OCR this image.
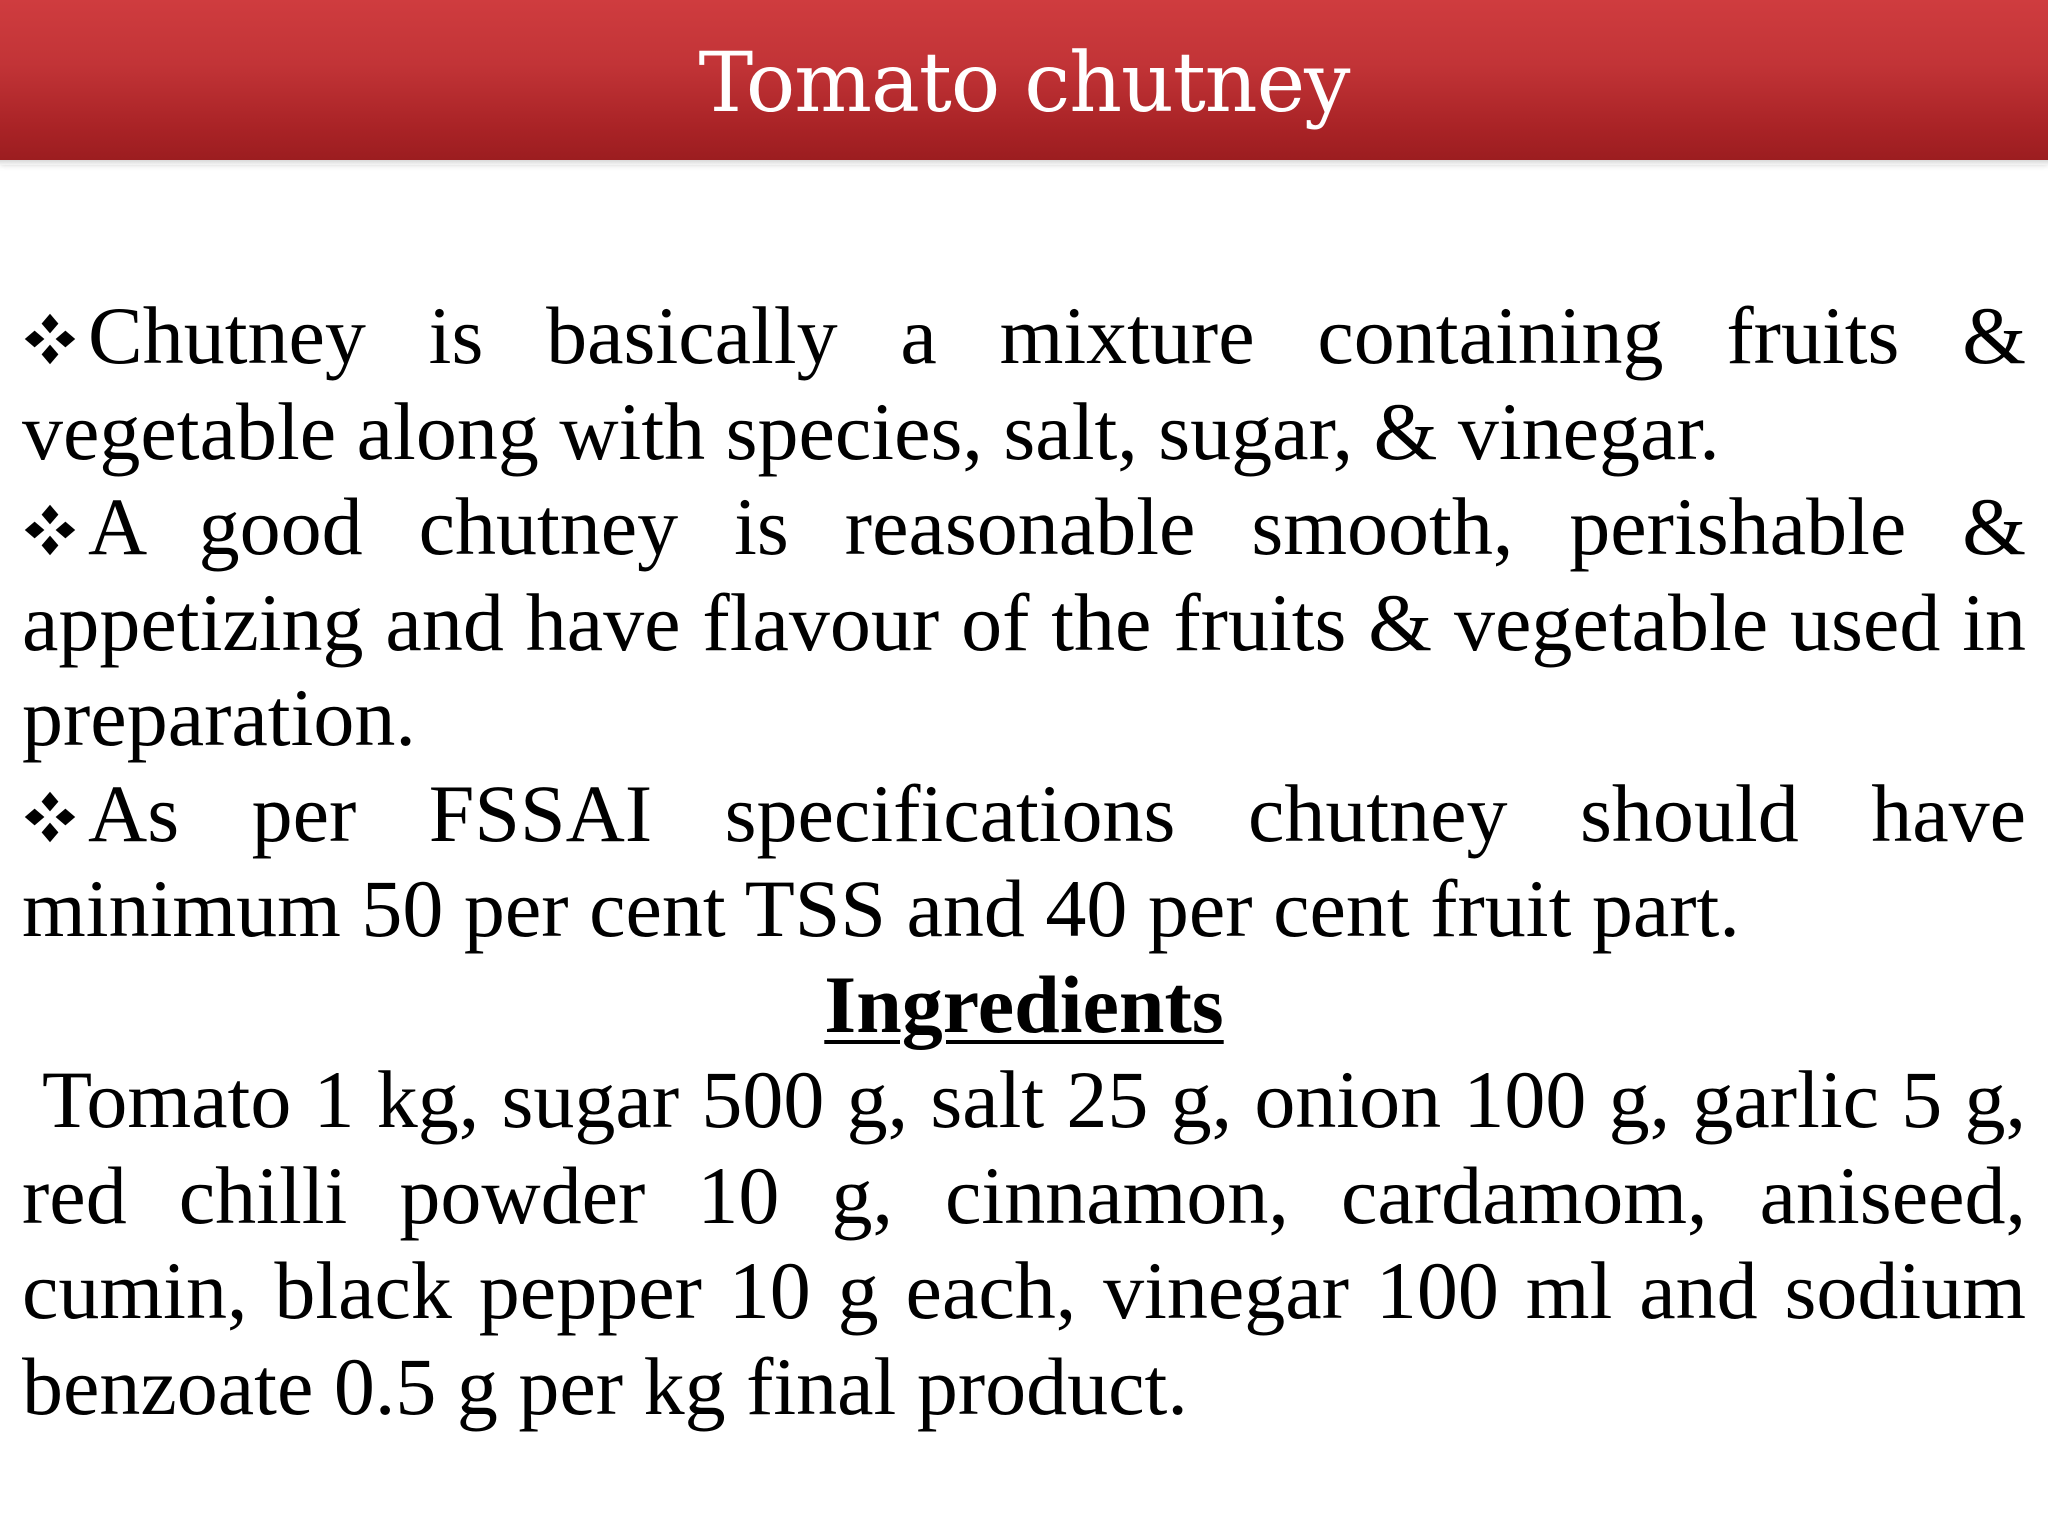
Tomato chutney

Chutney is basically a mixture containing fruits & vegetable along with species, salt, sugar, & vinegar.

A good chutney is reasonable smooth, perishable & appetizing and have flavour of the fruits & vegetable used in preparation.

As per FSSAI specifications chutney should have minimum 50 per cent TSS and 40 per cent fruit part.

Ingredients

Tomato 1 kg, sugar 500 g, salt 25 g, onion 100 g, garlic 5 g, red chilli powder 10 g, cinnamon, cardamom, aniseed, cumin, black pepper 10 g each, vinegar 100 ml and sodium benzoate 0.5 g per kg final product.
